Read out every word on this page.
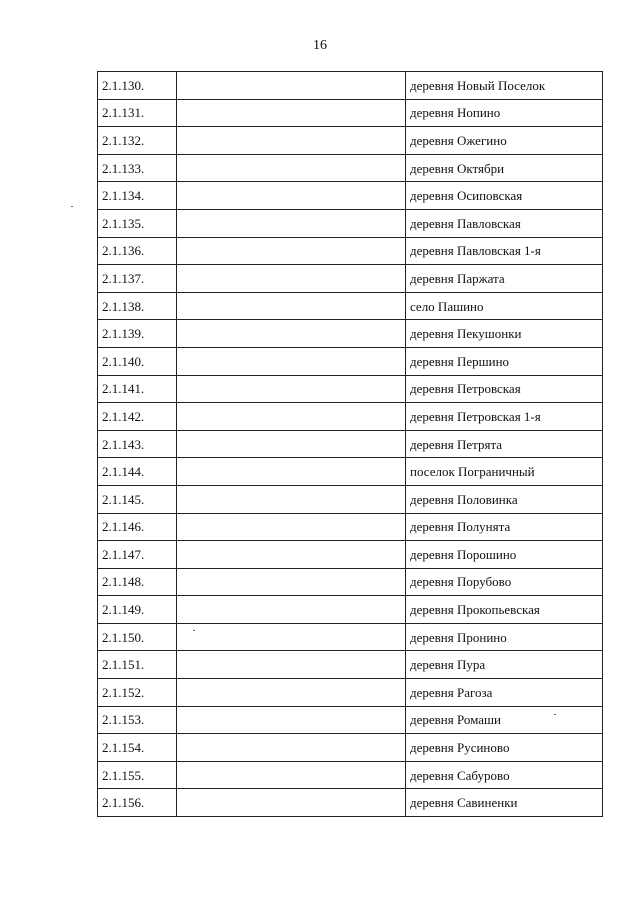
16
2.1.130.		деревня Новый Поселок
2.1.131.		деревня Нопино
2.1.132.		деревня Ожегино
2.1.133.		деревня Октябри
2.1.134.		деревня Осиповская
2.1.135.		деревня Павловская
2.1.136.		деревня Павловская 1-я
2.1.137.		деревня Паржата
2.1.138.		село Пашино
2.1.139.		деревня Пекушонки
2.1.140.		деревня Першино
2.1.141.		деревня Петровская
2.1.142.		деревня Петровская 1-я
2.1.143.		деревня Петрята
2.1.144.		поселок Пограничный
2.1.145.		деревня Половинка
2.1.146.		деревня Полунята
2.1.147.		деревня Порошино
2.1.148.		деревня Порубово
2.1.149.		деревня Прокопьевская
2.1.150.		деревня Пронино
2.1.151.		деревня Пура
2.1.152.		деревня Рагоза
2.1.153.		деревня Ромаши
2.1.154.		деревня Русиново
2.1.155.		деревня Сабурово
2.1.156.		деревня Савиненки
